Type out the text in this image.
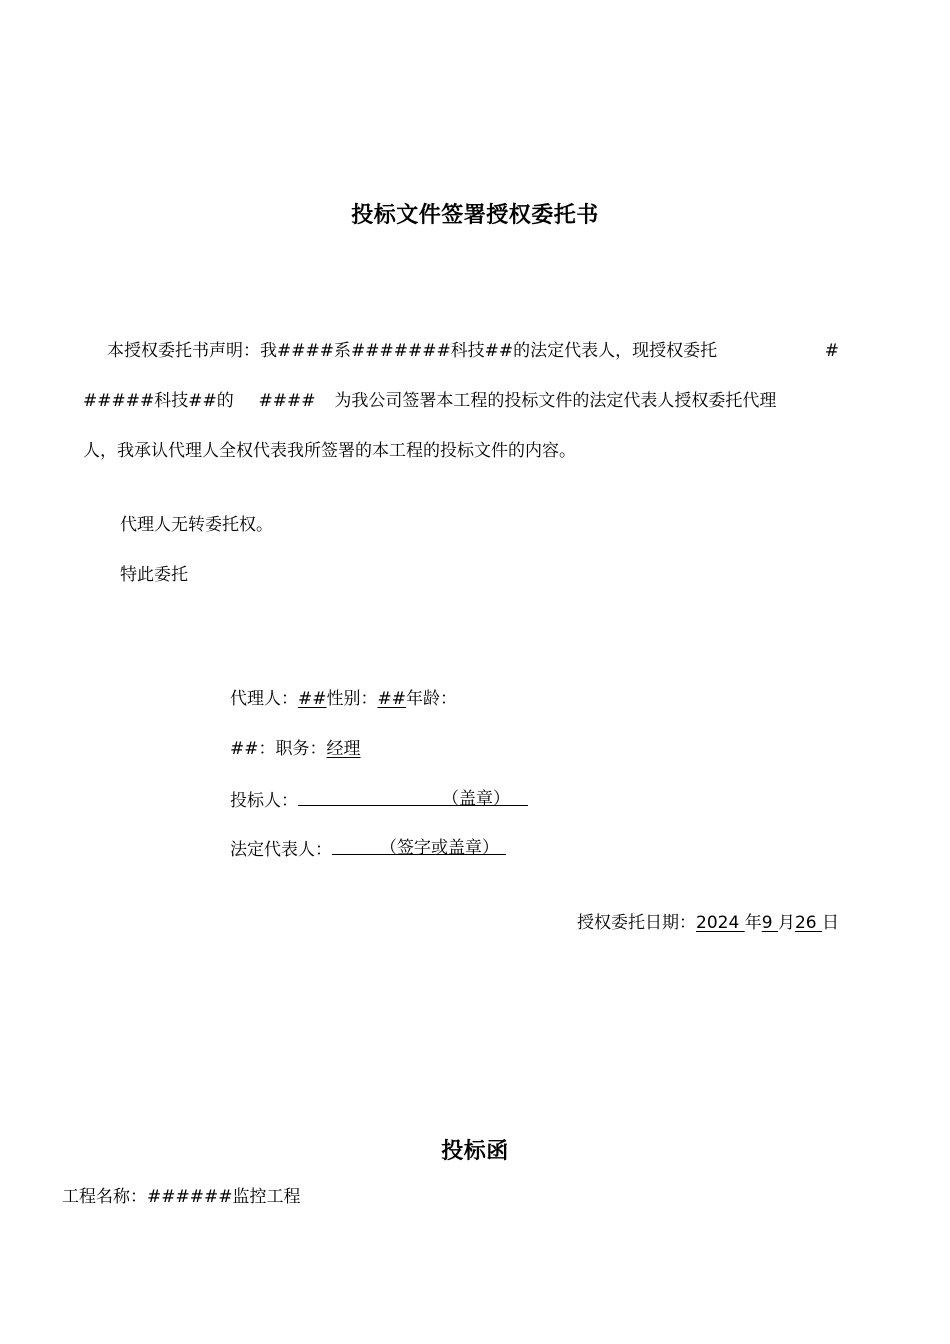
投标文件签署授权委托书
本授权委托书声明：我####系#######科技##的法定代表人，现授权委托	#
#####科技##的 #### 为我公司签署本工程的投标文件的法定代表人授权委托代理
人，我承认代理人全权代表我所签署的本工程的投标文件的内容。
代理人无转委托权。
特此委托
代理人：##性别：##年龄：
##：职务：经理
投标人：	（盖章）
法定代表人：	（签字或盖章）
授权委托日期：2024 年9 月26 日
投标函
工程名称：######监控工程
